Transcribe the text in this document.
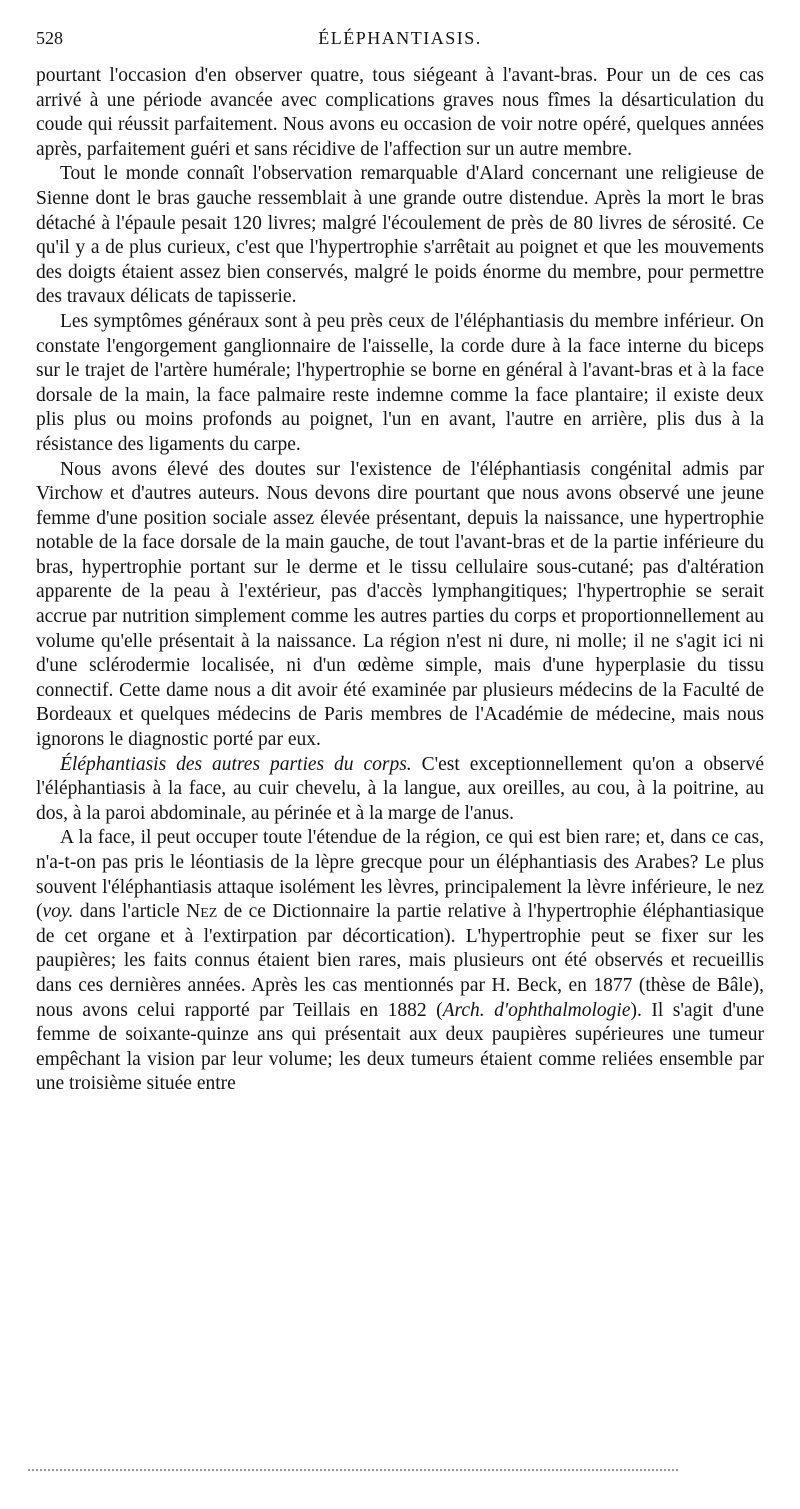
528	ÉLÉPHANTIASIS.

pourtant l'occasion d'en observer quatre, tous siégeant à l'avant-bras. Pour un de ces cas arrivé à une période avancée avec complications graves nous fîmes la désarticulation du coude qui réussit parfaitement. Nous avons eu occasion de voir notre opéré, quelques années après, parfaitement guéri et sans récidive de l'affection sur un autre membre.

Tout le monde connaît l'observation remarquable d'Alard concernant une religieuse de Sienne dont le bras gauche ressemblait à une grande outre distendue. Après la mort le bras détaché à l'épaule pesait 120 livres; malgré l'écoulement de près de 80 livres de sérosité. Ce qu'il y a de plus curieux, c'est que l'hypertrophie s'arrêtait au poignet et que les mouvements des doigts étaient assez bien conservés, malgré le poids énorme du membre, pour permettre des travaux délicats de tapisserie.

Les symptômes généraux sont à peu près ceux de l'éléphantiasis du membre inférieur. On constate l'engorgement ganglionnaire de l'aisselle, la corde dure à la face interne du biceps sur le trajet de l'artère humérale; l'hypertrophie se borne en général à l'avant-bras et à la face dorsale de la main, la face palmaire reste indemne comme la face plantaire; il existe deux plis plus ou moins profonds au poignet, l'un en avant, l'autre en arrière, plis dus à la résistance des ligaments du carpe.

Nous avons élevé des doutes sur l'existence de l'éléphantiasis congénital admis par Virchow et d'autres auteurs. Nous devons dire pourtant que nous avons observé une jeune femme d'une position sociale assez élevée présentant, depuis la naissance, une hypertrophie notable de la face dorsale de la main gauche, de tout l'avant-bras et de la partie inférieure du bras, hypertrophie portant sur le derme et le tissu cellulaire sous-cutané; pas d'altération apparente de la peau à l'extérieur, pas d'accès lymphangitiques; l'hypertrophie se serait accrue par nutrition simplement comme les autres parties du corps et proportionnellement au volume qu'elle présentait à la naissance. La région n'est ni dure, ni molle; il ne s'agit ici ni d'une sclérodermie localisée, ni d'un œdème simple, mais d'une hyperplasie du tissu connectif. Cette dame nous a dit avoir été examinée par plusieurs médecins de la Faculté de Bordeaux et quelques médecins de Paris membres de l'Académie de médecine, mais nous ignorons le diagnostic porté par eux.

Éléphantiasis des autres parties du corps. C'est exceptionnellement qu'on a observé l'éléphantiasis à la face, au cuir chevelu, à la langue, aux oreilles, au cou, à la poitrine, au dos, à la paroi abdominale, au périnée et à la marge de l'anus.

A la face, il peut occuper toute l'étendue de la région, ce qui est bien rare; et, dans ce cas, n'a-t-on pas pris le léontiasis de la lèpre grecque pour un éléphantiasis des Arabes? Le plus souvent l'éléphantiasis attaque isolément les lèvres, principalement la lèvre inférieure, le nez (voy. dans l'article Nez de ce Dictionnaire la partie relative à l'hypertrophie éléphantiasique de cet organe et à l'extirpation par décortication). L'hypertrophie peut se fixer sur les paupières; les faits connus étaient bien rares, mais plusieurs ont été observés et recueillis dans ces dernières années. Après les cas mentionnés par H. Beck, en 1877 (thèse de Bâle), nous avons celui rapporté par Teillais en 1882 (Arch. d'ophthalmologie). Il s'agit d'une femme de soixante-quinze ans qui présentait aux deux paupières supérieures une tumeur empêchant la vision par leur volume; les deux tumeurs étaient comme reliées ensemble par une troisième située entre
